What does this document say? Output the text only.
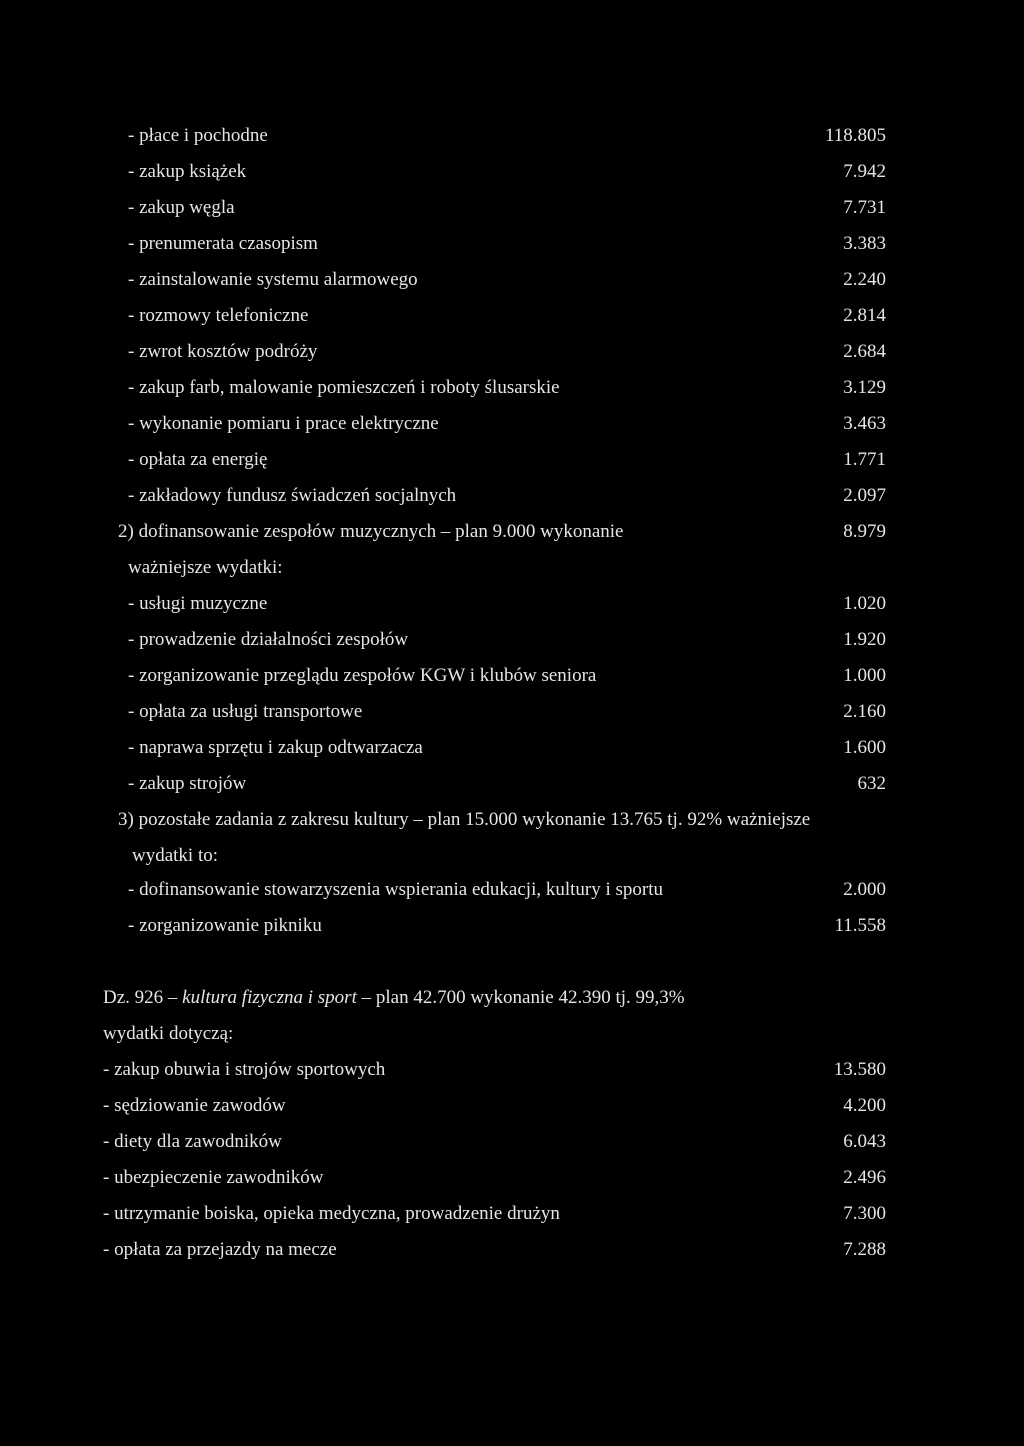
- płace i pochodne	118.805
- zakup książek	7.942
- zakup węgla	7.731
- prenumerata czasopism	3.383
- zainstalowanie systemu alarmowego	2.240
- rozmowy telefoniczne	2.814
- zwrot kosztów podróży	2.684
- zakup farb, malowanie pomieszczeń i roboty ślusarskie	3.129
- wykonanie pomiaru i prace elektryczne	3.463
- opłata za energię	1.771
- zakładowy fundusz świadczeń socjalnych	2.097
2) dofinansowanie zespołów muzycznych – plan 9.000 wykonanie	8.979
ważniejsze wydatki:
- usługi muzyczne	1.020
- prowadzenie działalności zespołów	1.920
- zorganizowanie przeglądu zespołów KGW i klubów seniora	1.000
- opłata za usługi transportowe	2.160
- naprawa sprzętu i zakup odtwarzacza	1.600
- zakup strojów	632
3) pozostałe zadania z zakresu kultury – plan 15.000 wykonanie 13.765 tj. 92% ważniejsze
wydatki to:
- dofinansowanie stowarzyszenia wspierania edukacji, kultury i sportu	2.000
- zorganizowanie pikniku	11.558
Dz. 926 – kultura fizyczna i sport – plan 42.700 wykonanie 42.390 tj. 99,3%
wydatki dotyczą:
- zakup obuwia i strojów sportowych	13.580
- sędziowanie zawodów	4.200
- diety dla zawodników	6.043
- ubezpieczenie zawodników	2.496
- utrzymanie boiska, opieka medyczna, prowadzenie drużyn	7.300
- opłata za przejazdy na mecze	7.288
